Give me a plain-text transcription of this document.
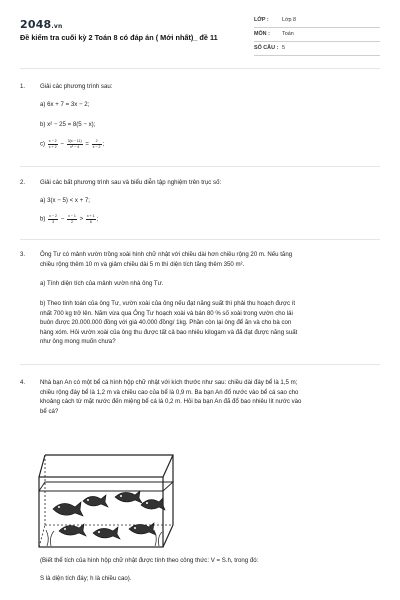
2048.vn
Đề kiểm tra cuối kỳ 2 Toán 8 có đáp án ( Mới nhất)_ đề 11
LỚP : Lớp 8
MÔN : Toán
SỐ CÂU : 5
1.	Giải các phương trình sau:
a) 6x + 7 = 3x − 2;
b) x² − 25 = 8(5 − x);
$c) \frac{x - 2}{x + 2} - \frac{3(x - 11)}{\text{x² − 4}} = \frac{2}{x - 2}$ ;
2.	Giải các bất phương trình sau và biểu diễn tập nghiệm trên trục số:
a) 3(x − 5) < x + 7;
$b) \frac{x - 2}{3} - \frac{x - 1}{2} > \frac{x + 1}{6}$ ;
3.	Ông Tư có mảnh vườn trồng xoài hình chữ nhật với chiều dài hơn chiều rộng 20 m. Nếu tăng
chiều rộng thêm 10 m và giảm chiều dài 5 m thì diện tích tăng thêm 350 m².
a) Tính diện tích của mảnh vườn nhà ông Tư.
b) Theo tính toán của ông Tư, vườn xoài của ông nếu đạt năng suất thì phải thu hoạch được ít
nhất 700 kg trở lên. Năm vừa qua Ông Tư hoạch xoài và bán 80 % số xoài trong vườn cho lái
buôn được 20.000.000 đồng với giá 40.000 đồng/ 1kg. Phần còn lại ông để ăn và cho bà con
hàng xóm. Hỏi vườn xoài của ông thu được tất cả bao nhiêu kilogam và đã đạt được năng suất
như ông mong muốn chưa?
4.	Nhà bạn An có một bể cá hình hộp chữ nhật với kích thước như sau: chiều dài đáy bể là 1,5 m;
chiều rộng đáy bể là 1,2 m và chiều cao của bể là 0,9 m. Ba bạn An đổ nước vào bể cá sao cho
khoảng cách từ mặt nước đến miệng bể cá là 0,2 m. Hỏi ba bạn An đã đổ bao nhiêu lít nước vào
bể cá?
(Biết thể tích của hình hộp chữ nhật được tính theo công thức: V = S.h, trong đó:
S là diện tích đáy; h là chiều cao).
